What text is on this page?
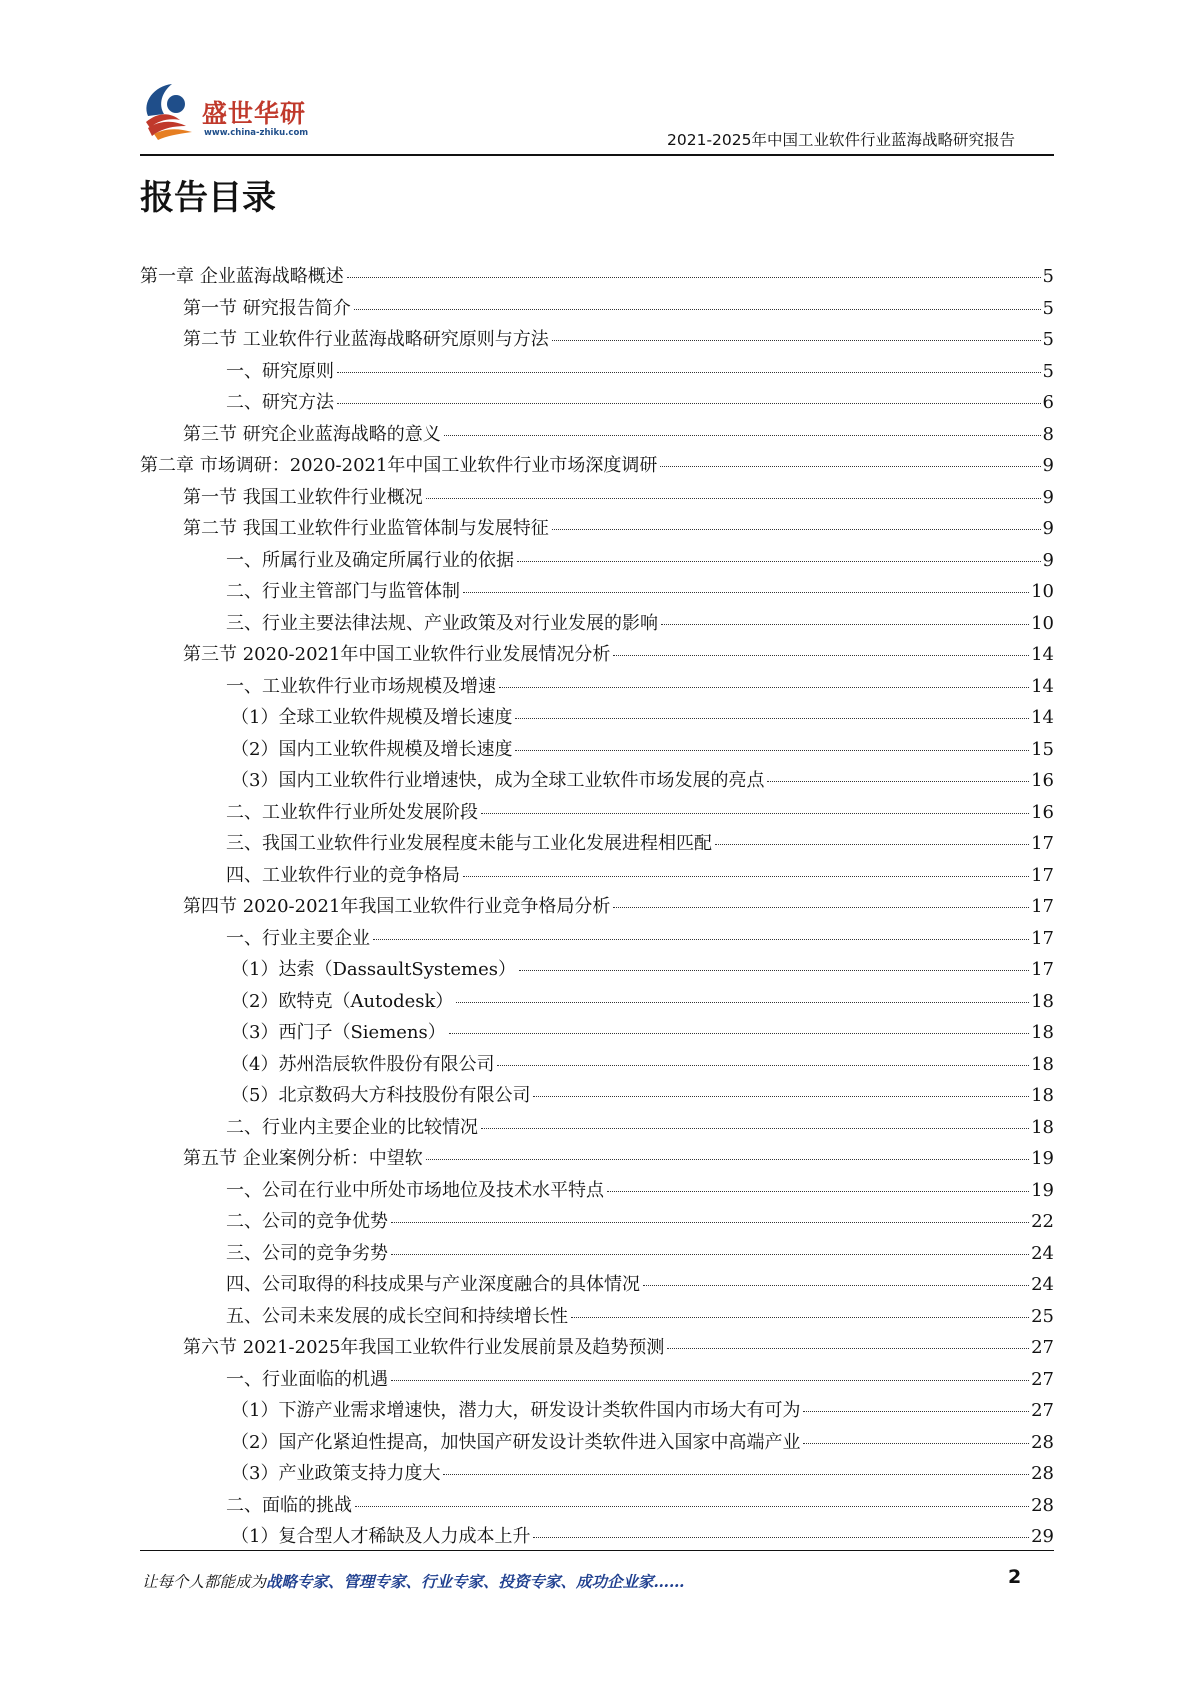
盛世华研
www.china-zhiku.com	2021-2025年中国工业软件行业蓝海战略研究报告
报告目录
第一章 企业蓝海战略概述	5
第一节 研究报告简介	5
第二节 工业软件行业蓝海战略研究原则与方法	5
一、研究原则	5
二、研究方法	6
第三节 研究企业蓝海战略的意义	8
第二章 市场调研：2020-2021年中国工业软件行业市场深度调研	9
第一节 我国工业软件行业概况	9
第二节 我国工业软件行业监管体制与发展特征	9
一、所属行业及确定所属行业的依据	9
二、行业主管部门与监管体制	10
三、行业主要法律法规、产业政策及对行业发展的影响	10
第三节 2020-2021年中国工业软件行业发展情况分析	14
一、工业软件行业市场规模及增速	14
（1）全球工业软件规模及增长速度	14
（2）国内工业软件规模及增长速度	15
（3）国内工业软件行业增速快，成为全球工业软件市场发展的亮点	16
二、工业软件行业所处发展阶段	16
三、我国工业软件行业发展程度未能与工业化发展进程相匹配	17
四、工业软件行业的竞争格局	17
第四节 2020-2021年我国工业软件行业竞争格局分析	17
一、行业主要企业	17
（1）达索（DassaultSystemes）	17
（2）欧特克（Autodesk）	18
（3）西门子（Siemens）	18
（4）苏州浩辰软件股份有限公司	18
（5）北京数码大方科技股份有限公司	18
二、行业内主要企业的比较情况	18
第五节 企业案例分析：中望软	19
一、公司在行业中所处市场地位及技术水平特点	19
二、公司的竞争优势	22
三、公司的竞争劣势	24
四、公司取得的科技成果与产业深度融合的具体情况	24
五、公司未来发展的成长空间和持续增长性	25
第六节 2021-2025年我国工业软件行业发展前景及趋势预测	27
一、行业面临的机遇	27
（1）下游产业需求增速快，潜力大，研发设计类软件国内市场大有可为	27
（2）国产化紧迫性提高，加快国产研发设计类软件进入国家中高端产业	28
（3）产业政策支持力度大	28
二、面临的挑战	28
（1）复合型人才稀缺及人力成本上升	29
让每个人都能成为战略专家、管理专家、行业专家、投资专家、成功企业家……	2
